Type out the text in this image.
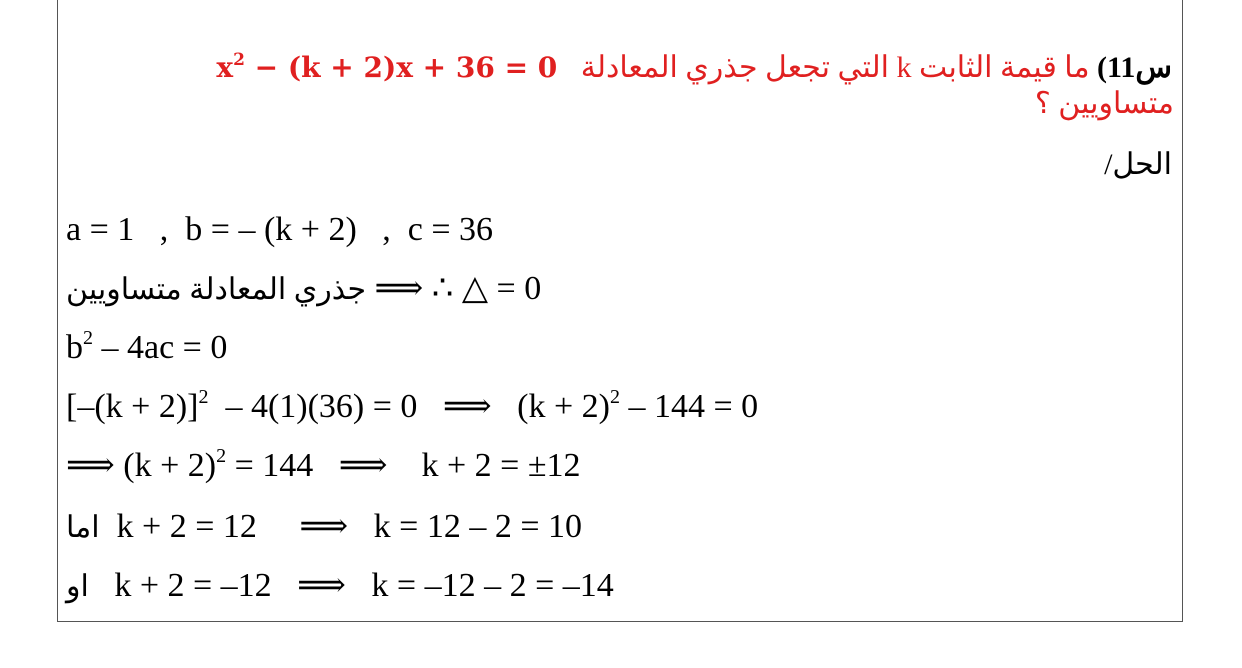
س11) ما قيمة الثابت k التي تجعل جذري المعادلة $x^2 - (k + 2)x + 36 = 0$
متساويين ؟
الحل/
a = 1   ,  b = – (k + 2)   ,  c = 36
جذري المعادلة متساويين ⟹ ∴ △ = 0
$b^2 - 4ac = 0$
$[-(k + 2)]^2 - 4(1)(36) = 0$   ⟹   $(k + 2)^2 - 144 = 0$
⟹ $(k + 2)^2 = 144$   ⟹    k + 2 = ±12
اما  k + 2 = 12     ⟹   k = 12 – 2 = 10
او   k + 2 = –12   ⟹   k = –12 – 2 = –14
